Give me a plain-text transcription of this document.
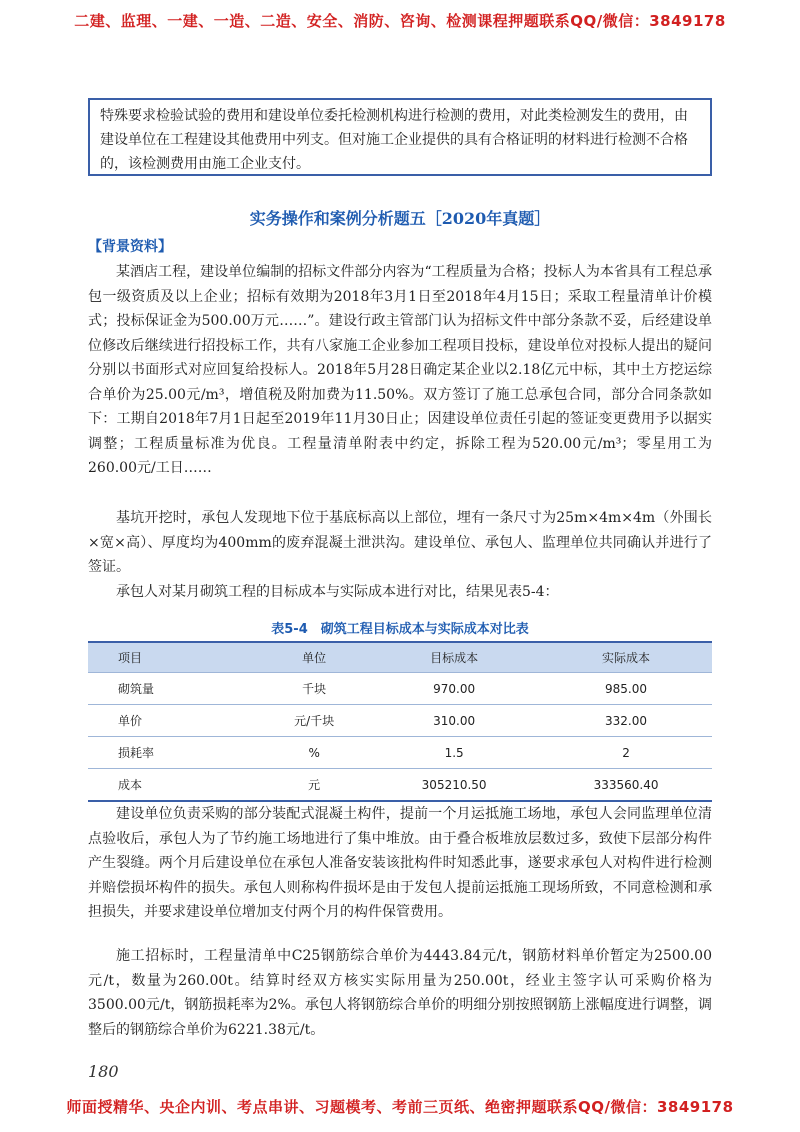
二建、监理、一建、一造、二造、安全、消防、咨询、检测课程押题联系QQ/微信：3849178
特殊要求检验试验的费用和建设单位委托检测机构进行检测的费用，对此类检测发生的费用，由建设单位在工程建设其他费用中列支。但对施工企业提供的具有合格证明的材料进行检测不合格的，该检测费用由施工企业支付。
实务操作和案例分析题五［2020年真题］
【背景资料】

某酒店工程，建设单位编制的招标文件部分内容为“工程质量为合格；投标人为本省具有工程总承包一级资质及以上企业；招标有效期为2018年3月1日至2018年4月15日；采取工程量清单计价模式；投标保证金为500.00万元……”。建设行政主管部门认为招标文件中部分条款不妥，后经建设单位修改后继续进行招投标工作，共有八家施工企业参加工程项目投标，建设单位对投标人提出的疑问分别以书面形式对应回复给投标人。2018年5月28日确定某企业以2.18亿元中标，其中土方挖运综合单价为25.00元/m³，增值税及附加费为11.50%。双方签订了施工总承包合同，部分合同条款如下：工期自2018年7月1日起至2019年11月30日止；因建设单位责任引起的签证变更费用予以据实调整；工程质量标准为优良。工程量清单附表中约定，拆除工程为520.00元/m³；零星用工为260.00元/工日……

基坑开挖时，承包人发现地下位于基底标高以上部位，埋有一条尺寸为25m×4m×4m（外围长×宽×高）、厚度均为400mm的废弃混凝土泄洪沟。建设单位、承包人、监理单位共同确认并进行了签证。

承包人对某月砌筑工程的目标成本与实际成本进行对比，结果见表5-4：

表5-4　砌筑工程目标成本与实际成本对比表
项目	单位	目标成本	实际成本
砌筑量	千块	970.00	985.00
单价	元/千块	310.00	332.00
损耗率	%	1.5	2
成本	元	305210.50	333560.40

建设单位负责采购的部分装配式混凝土构件，提前一个月运抵施工场地，承包人会同监理单位清点验收后，承包人为了节约施工场地进行了集中堆放。由于叠合板堆放层数过多，致使下层部分构件产生裂缝。两个月后建设单位在承包人准备安装该批构件时知悉此事，遂要求承包人对构件进行检测并赔偿损坏构件的损失。承包人则称构件损坏是由于发包人提前运抵施工现场所致，不同意检测和承担损失，并要求建设单位增加支付两个月的构件保管费用。

施工招标时，工程量清单中C25钢筋综合单价为4443.84元/t，钢筋材料单价暂定为2500.00元/t，数量为260.00t。结算时经双方核实实际用量为250.00t，经业主签字认可采购价格为3500.00元/t，钢筋损耗率为2%。承包人将钢筋综合单价的明细分别按照钢筋上涨幅度进行调整，调整后的钢筋综合单价为6221.38元/t。

180
师面授精华、央企内训、考点串讲、习题模考、考前三页纸、绝密押题联系QQ/微信：3849178
